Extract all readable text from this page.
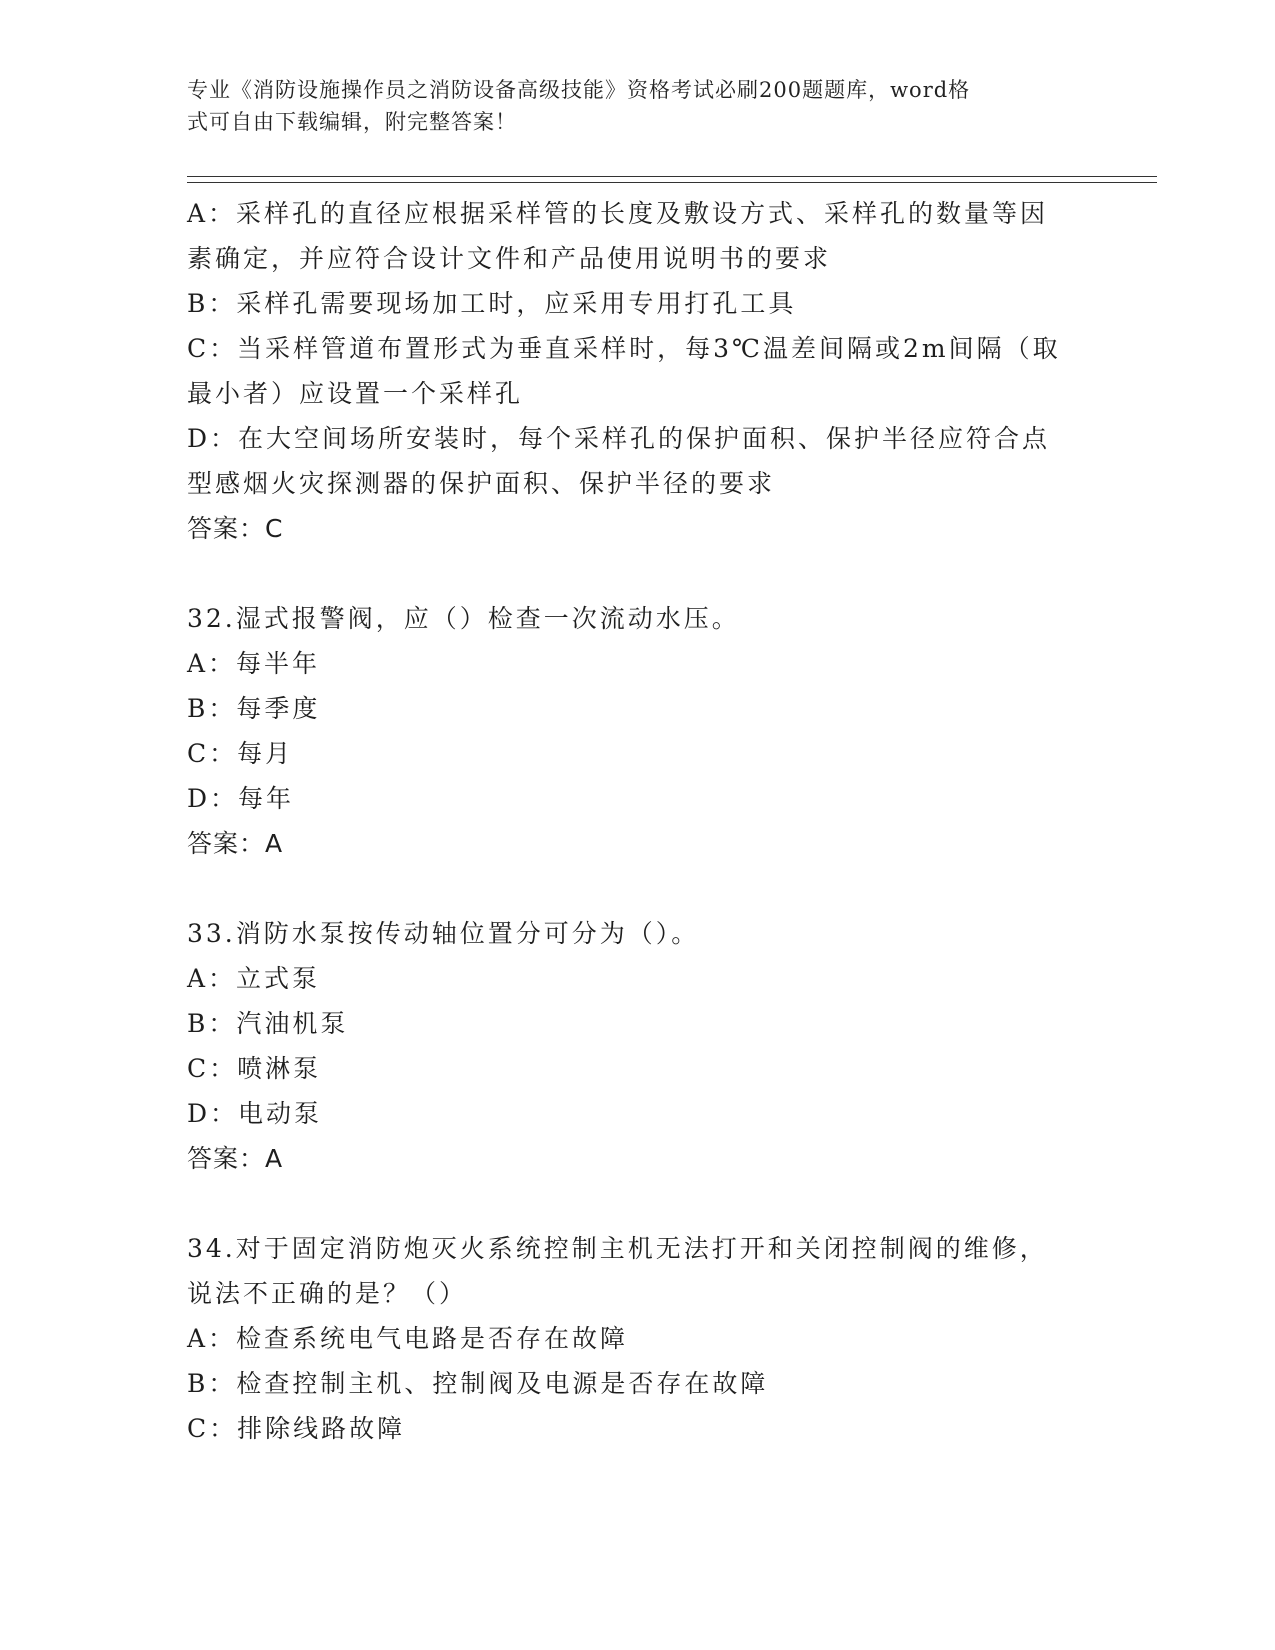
专业《消防设施操作员之消防设备高级技能》资格考试必刷200题题库，word格
式可自由下载编辑，附完整答案！
A：采样孔的直径应根据采样管的长度及敷设方式、采样孔的数量等因
素确定，并应符合设计文件和产品使用说明书的要求
B：采样孔需要现场加工时，应采用专用打孔工具
C：当采样管道布置形式为垂直采样时，每3℃温差间隔或2m间隔（取
最小者）应设置一个采样孔
D：在大空间场所安装时，每个采样孔的保护面积、保护半径应符合点
型感烟火灾探测器的保护面积、保护半径的要求
答案：C
32.湿式报警阀，应（）检查一次流动水压。
A：每半年
B：每季度
C：每月
D：每年
答案：A
33.消防水泵按传动轴位置分可分为（）。
A：立式泵
B：汽油机泵
C：喷淋泵
D：电动泵
答案：A
34.对于固定消防炮灭火系统控制主机无法打开和关闭控制阀的维修，
说法不正确的是？（）
A：检查系统电气电路是否存在故障
B：检查控制主机、控制阀及电源是否存在故障
C：排除线路故障
